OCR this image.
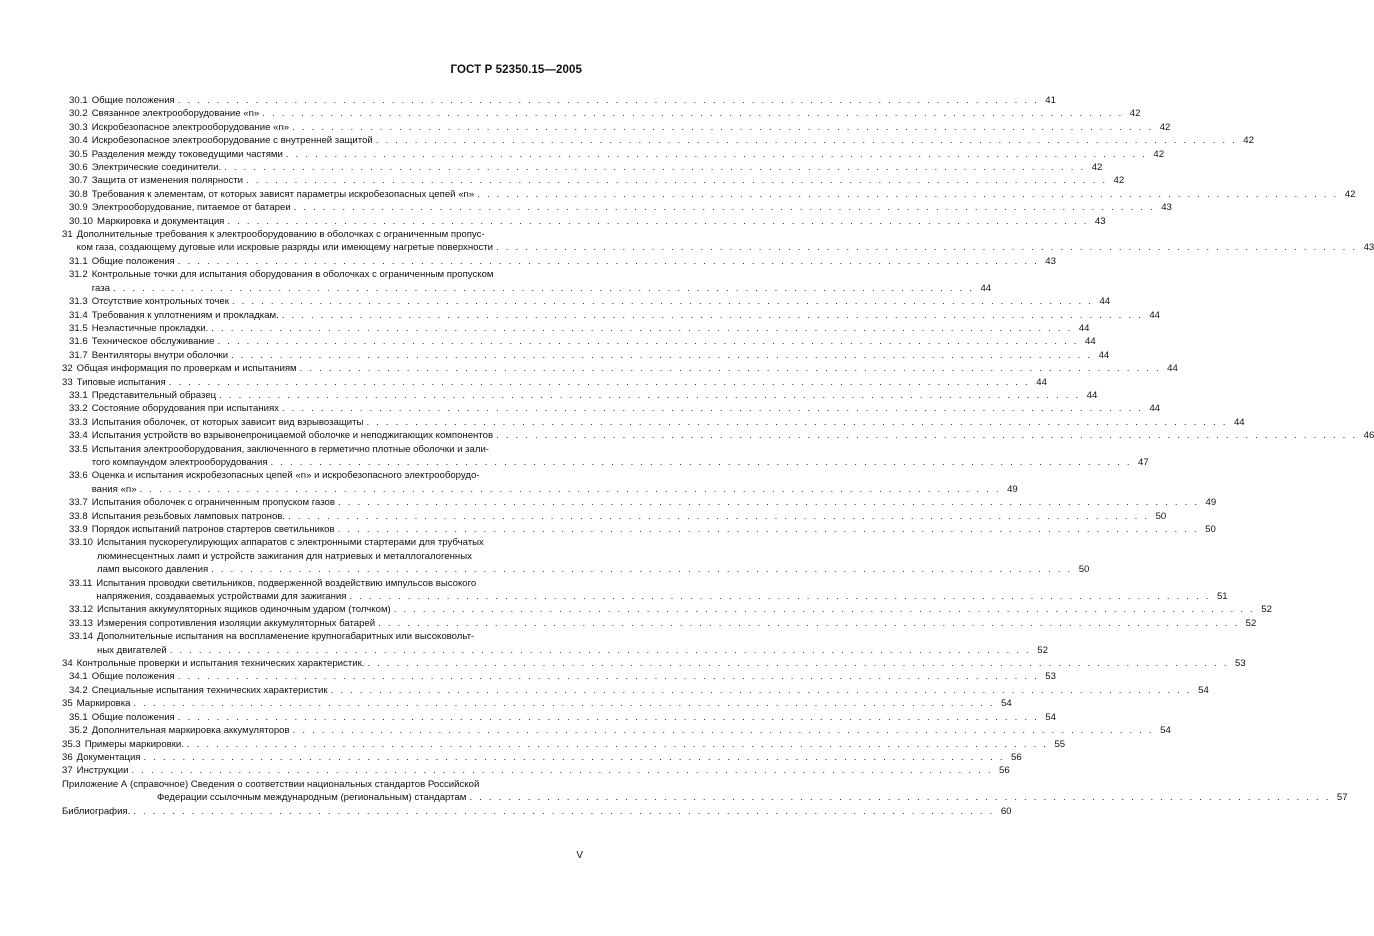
ГОСТ Р 52350.15—2005
30.1 Общие положения . . . . . . . . . . . . . . . . . . . . . . . . . . . . . . . . . . . . . . . . . . . . . . . . . . . . . . . . . . . . . . . . . . . . . . . . . . . . . . . . . . . . . . . . . 41
30.2 Связанное электрооборудование «n» . . . . . . . . . . . . . . . . . . . . . . . . . . . . . . . . . . . . . . . . . . . . . . . . . . . . . . . . . . . . . . . . . . . . . . . . . . . . . . . . . . . . . . . . . 42
30.3 Искробезопасное электрооборудование «n» . . . . . . . . . . . . . . . . . . . . . . . . . . . . . . . . . . . . . . . . . . . . . . . . . . . . . . . . . . . . . . . . . . . . . . . . . . . . . . . . . . . . . . . . . 42
30.4 Искробезопасное электрооборудование с внутренней защитой . . . . . . . . . . . . . . . . . . . . . . . . . . . . . . . . . . . . . . . . . . . . . . . . . . . . . . . . . . . . . . . . . . . . . . . . . . . . . . . . . . . . . . . . . 42
30.5 Разделения между токоведущими частями . . . . . . . . . . . . . . . . . . . . . . . . . . . . . . . . . . . . . . . . . . . . . . . . . . . . . . . . . . . . . . . . . . . . . . . . . . . . . . . . . . . . . . . . . 42
30.6 Электрические соединители. . . . . . . . . . . . . . . . . . . . . . . . . . . . . . . . . . . . . . . . . . . . . . . . . . . . . . . . . . . . . . . . . . . . . . . . . . . . . . . . . . . . . . . . . . 42
30.7 Защита от изменения полярности . . . . . . . . . . . . . . . . . . . . . . . . . . . . . . . . . . . . . . . . . . . . . . . . . . . . . . . . . . . . . . . . . . . . . . . . . . . . . . . . . . . . . . . . . 42
30.8 Требования к элементам, от которых зависят параметры искробезопасных цепей «n» . . . . . . . . . . . . . . . . . . . . . . . . . . . . . . . . . . . . . . . . . . . . . . . . . . . . . . . . . . . . . . . . . . . . . . . . . . . . . . . . . . . . . . . . . 42
30.9 Электрооборудование, питаемое от батареи . . . . . . . . . . . . . . . . . . . . . . . . . . . . . . . . . . . . . . . . . . . . . . . . . . . . . . . . . . . . . . . . . . . . . . . . . . . . . . . . . . . . . . . . . 43
30.10 Маркировка и документация . . . . . . . . . . . . . . . . . . . . . . . . . . . . . . . . . . . . . . . . . . . . . . . . . . . . . . . . . . . . . . . . . . . . . . . . . . . . . . . . . . . . . . . . . 43
31 Дополнительные требования к электрооборудованию в оболочках с ограниченным пропус-
ком газа, создающему дуговые или искровые разряды или имеющему нагретые поверхности . . . . . . . . . . . . . . . . . . . . . . . . . . . . . . . . . . . . . . . . . . . . . . . . . . . . . . . . . . . . . . . . . . . . . . . . . . . . . . . . . . . . . . . . . 43
31.1 Общие положения . . . . . . . . . . . . . . . . . . . . . . . . . . . . . . . . . . . . . . . . . . . . . . . . . . . . . . . . . . . . . . . . . . . . . . . . . . . . . . . . . . . . . . . . . 43
31.2 Контрольные точки для испытания оборудования в оболочках с ограниченным пропуском
газа . . . . . . . . . . . . . . . . . . . . . . . . . . . . . . . . . . . . . . . . . . . . . . . . . . . . . . . . . . . . . . . . . . . . . . . . . . . . . . . . . . . . . . . . . 44
31.3 Отсутствие контрольных точек . . . . . . . . . . . . . . . . . . . . . . . . . . . . . . . . . . . . . . . . . . . . . . . . . . . . . . . . . . . . . . . . . . . . . . . . . . . . . . . . . . . . . . . . . 44
31.4 Требования к уплотнениям и прокладкам. . . . . . . . . . . . . . . . . . . . . . . . . . . . . . . . . . . . . . . . . . . . . . . . . . . . . . . . . . . . . . . . . . . . . . . . . . . . . . . . . . . . . . . . . . 44
31.5 Неэластичные прокладки. . . . . . . . . . . . . . . . . . . . . . . . . . . . . . . . . . . . . . . . . . . . . . . . . . . . . . . . . . . . . . . . . . . . . . . . . . . . . . . . . . . . . . . . . . 44
31.6 Техническое обслуживание . . . . . . . . . . . . . . . . . . . . . . . . . . . . . . . . . . . . . . . . . . . . . . . . . . . . . . . . . . . . . . . . . . . . . . . . . . . . . . . . . . . . . . . . . 44
31.7 Вентиляторы внутри оболочки . . . . . . . . . . . . . . . . . . . . . . . . . . . . . . . . . . . . . . . . . . . . . . . . . . . . . . . . . . . . . . . . . . . . . . . . . . . . . . . . . . . . . . . . . 44
32 Общая информация по проверкам и испытаниям . . . . . . . . . . . . . . . . . . . . . . . . . . . . . . . . . . . . . . . . . . . . . . . . . . . . . . . . . . . . . . . . . . . . . . . . . . . . . . . . . . . . . . . . . 44
33 Типовые испытания . . . . . . . . . . . . . . . . . . . . . . . . . . . . . . . . . . . . . . . . . . . . . . . . . . . . . . . . . . . . . . . . . . . . . . . . . . . . . . . . . . . . . . . . . 44
33.1 Представительный образец . . . . . . . . . . . . . . . . . . . . . . . . . . . . . . . . . . . . . . . . . . . . . . . . . . . . . . . . . . . . . . . . . . . . . . . . . . . . . . . . . . . . . . . . . 44
33.2 Состояние оборудования при испытаниях . . . . . . . . . . . . . . . . . . . . . . . . . . . . . . . . . . . . . . . . . . . . . . . . . . . . . . . . . . . . . . . . . . . . . . . . . . . . . . . . . . . . . . . . . 44
33.3 Испытания оболочек, от которых зависит вид взрывозащиты . . . . . . . . . . . . . . . . . . . . . . . . . . . . . . . . . . . . . . . . . . . . . . . . . . . . . . . . . . . . . . . . . . . . . . . . . . . . . . . . . . . . . . . . . 44
33.4 Испытания устройств во взрывонепроницаемой оболочке и неподжигающих компонентов . . . . . . . . . . . . . . . . . . . . . . . . . . . . . . . . . . . . . . . . . . . . . . . . . . . . . . . . . . . . . . . . . . . . . . . . . . . . . . . . . . . . . . . . . 46
33.5 Испытания электрооборудования, заключенного в герметично плотные оболочки и зали-
того компаундом электрооборудования . . . . . . . . . . . . . . . . . . . . . . . . . . . . . . . . . . . . . . . . . . . . . . . . . . . . . . . . . . . . . . . . . . . . . . . . . . . . . . . . . . . . . . . . . 47
33.6 Оценка и испытания искробезопасных цепей «n» и искробезопасного электрооборудо-
вания «n» . . . . . . . . . . . . . . . . . . . . . . . . . . . . . . . . . . . . . . . . . . . . . . . . . . . . . . . . . . . . . . . . . . . . . . . . . . . . . . . . . . . . . . . . . 49
33.7 Испытания оболочек с ограниченным пропуском газов . . . . . . . . . . . . . . . . . . . . . . . . . . . . . . . . . . . . . . . . . . . . . . . . . . . . . . . . . . . . . . . . . . . . . . . . . . . . . . . . . . . . . . . . . 49
33.8 Испытания резьбовых ламповых патронов. . . . . . . . . . . . . . . . . . . . . . . . . . . . . . . . . . . . . . . . . . . . . . . . . . . . . . . . . . . . . . . . . . . . . . . . . . . . . . . . . . . . . . . . . . 50
33.9 Порядок испытаний патронов стартеров светильников . . . . . . . . . . . . . . . . . . . . . . . . . . . . . . . . . . . . . . . . . . . . . . . . . . . . . . . . . . . . . . . . . . . . . . . . . . . . . . . . . . . . . . . . . 50
33.10 Испытания пускорегулирующих аппаратов с электронными стартерами для трубчатых
люминесцентных ламп и устройств зажигания для натриевых и металлогалогенных
ламп высокого давления . . . . . . . . . . . . . . . . . . . . . . . . . . . . . . . . . . . . . . . . . . . . . . . . . . . . . . . . . . . . . . . . . . . . . . . . . . . . . . . . . . . . . . . . . 50
33.11 Испытания проводки светильников, подверженной воздействию импульсов высокого
напряжения, создаваемых устройствами для зажигания . . . . . . . . . . . . . . . . . . . . . . . . . . . . . . . . . . . . . . . . . . . . . . . . . . . . . . . . . . . . . . . . . . . . . . . . . . . . . . . . . . . . . . . . . 51
33.12 Испытания аккумуляторных ящиков одиночным ударом (толчком) . . . . . . . . . . . . . . . . . . . . . . . . . . . . . . . . . . . . . . . . . . . . . . . . . . . . . . . . . . . . . . . . . . . . . . . . . . . . . . . . . . . . . . . . . 52
33.13 Измерения сопротивления изоляции аккумуляторных батарей . . . . . . . . . . . . . . . . . . . . . . . . . . . . . . . . . . . . . . . . . . . . . . . . . . . . . . . . . . . . . . . . . . . . . . . . . . . . . . . . . . . . . . . . . 52
33.14 Дополнительные испытания на воспламенение крупногабаритных или высоковольт-
ных двигателей . . . . . . . . . . . . . . . . . . . . . . . . . . . . . . . . . . . . . . . . . . . . . . . . . . . . . . . . . . . . . . . . . . . . . . . . . . . . . . . . . . . . . . . . . 52
34 Контрольные проверки и испытания технических характеристик. . . . . . . . . . . . . . . . . . . . . . . . . . . . . . . . . . . . . . . . . . . . . . . . . . . . . . . . . . . . . . . . . . . . . . . . . . . . . . . . . . . . . . . . . . 53
34.1 Общие положения . . . . . . . . . . . . . . . . . . . . . . . . . . . . . . . . . . . . . . . . . . . . . . . . . . . . . . . . . . . . . . . . . . . . . . . . . . . . . . . . . . . . . . . . . 53
34.2 Специальные испытания технических характеристик . . . . . . . . . . . . . . . . . . . . . . . . . . . . . . . . . . . . . . . . . . . . . . . . . . . . . . . . . . . . . . . . . . . . . . . . . . . . . . . . . . . . . . . . . 54
35 Маркировка . . . . . . . . . . . . . . . . . . . . . . . . . . . . . . . . . . . . . . . . . . . . . . . . . . . . . . . . . . . . . . . . . . . . . . . . . . . . . . . . . . . . . . . . . 54
35.1 Общие положения . . . . . . . . . . . . . . . . . . . . . . . . . . . . . . . . . . . . . . . . . . . . . . . . . . . . . . . . . . . . . . . . . . . . . . . . . . . . . . . . . . . . . . . . . 54
35.2 Дополнительная маркировка аккумуляторов . . . . . . . . . . . . . . . . . . . . . . . . . . . . . . . . . . . . . . . . . . . . . . . . . . . . . . . . . . . . . . . . . . . . . . . . . . . . . . . . . . . . . . . . . 54
35.3 Примеры маркировки. . . . . . . . . . . . . . . . . . . . . . . . . . . . . . . . . . . . . . . . . . . . . . . . . . . . . . . . . . . . . . . . . . . . . . . . . . . . . . . . . . . . . . . . . . 55
36 Документация . . . . . . . . . . . . . . . . . . . . . . . . . . . . . . . . . . . . . . . . . . . . . . . . . . . . . . . . . . . . . . . . . . . . . . . . . . . . . . . . . . . . . . . . . 56
37 Инструкции . . . . . . . . . . . . . . . . . . . . . . . . . . . . . . . . . . . . . . . . . . . . . . . . . . . . . . . . . . . . . . . . . . . . . . . . . . . . . . . . . . . . . . . . . 56
Приложение А (справочное) Сведения о соответствии национальных стандартов Российской
Федерации ссылочным международным (региональным) стандартам . . . . . . . . . . . . . . . . . . . . . . . . . . . . . . . . . . . . . . . . . . . . . . . . . . . . . . . . . . . . . . . . . . . . . . . . . . . . . . . . . . . . . . . . . 57
Библиография. . . . . . . . . . . . . . . . . . . . . . . . . . . . . . . . . . . . . . . . . . . . . . . . . . . . . . . . . . . . . . . . . . . . . . . . . . . . . . . . . . . . . . . . . . 60
V
